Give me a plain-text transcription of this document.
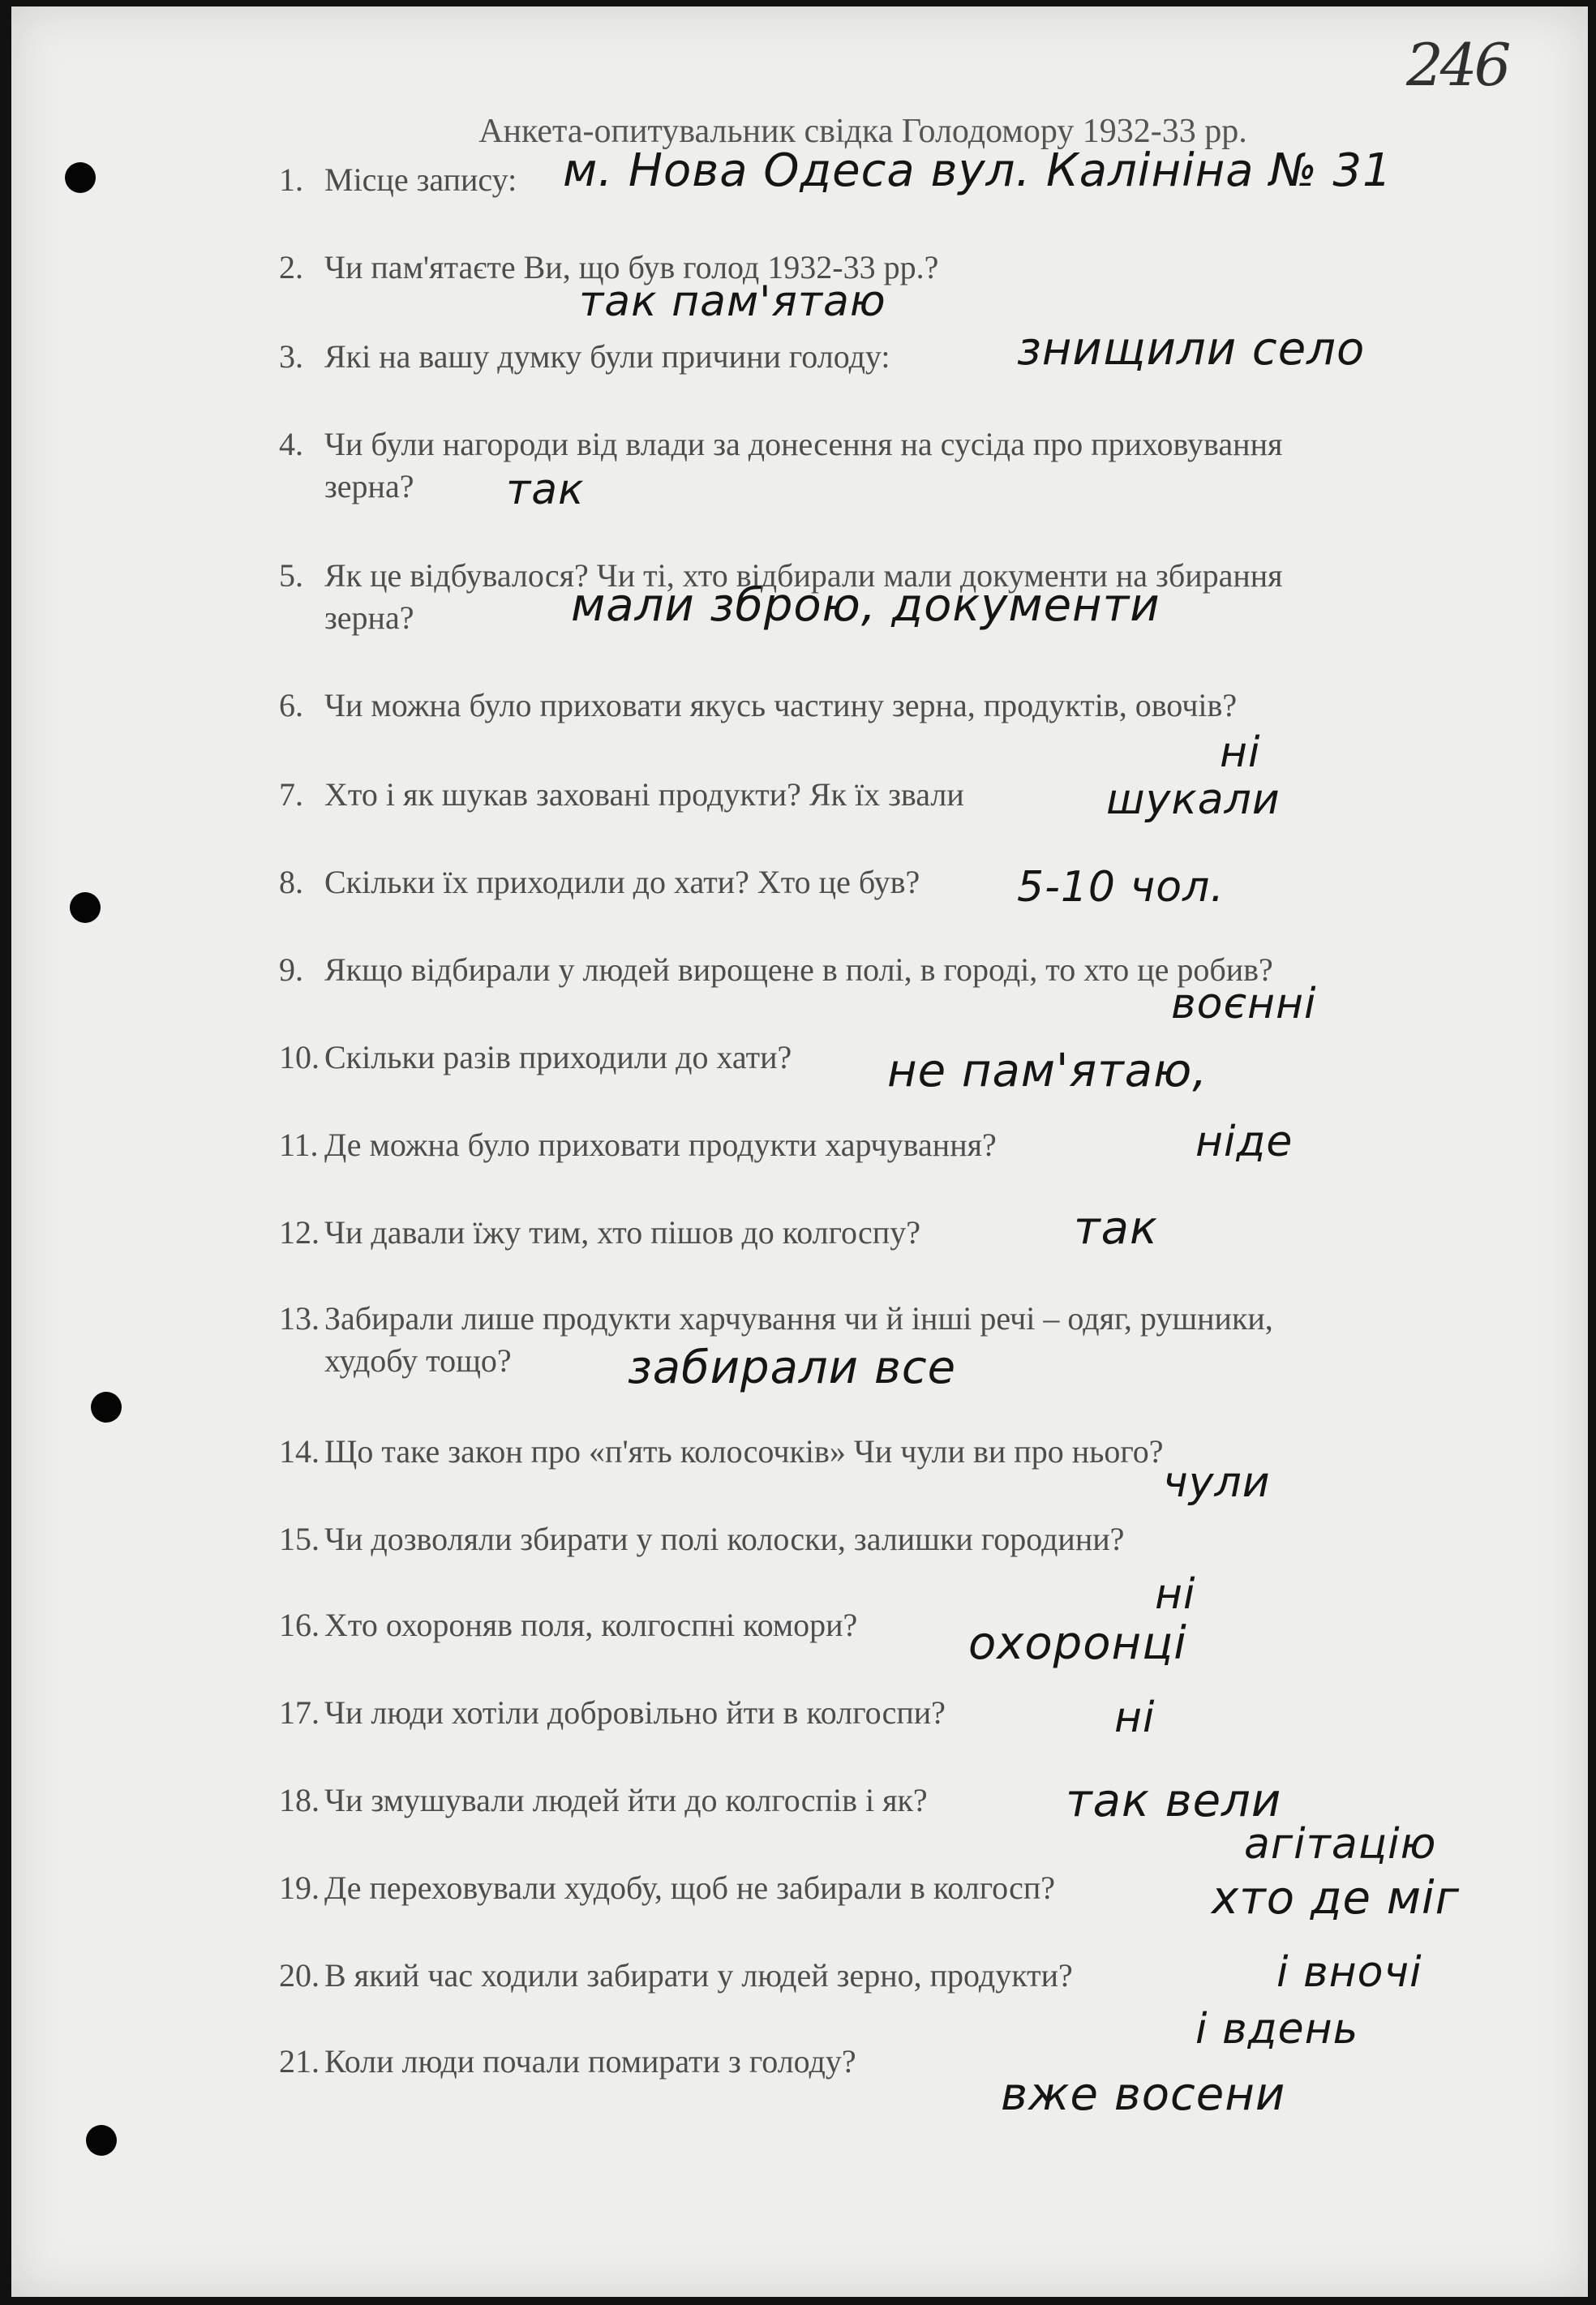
246
Анкета-опитувальник свідка Голодомору 1932-33 рр.
1. Місце запису:
2. Чи пам'ятаєте Ви, що був голод 1932-33 рр.?
3. Які на вашу думку були причини голоду:
4. Чи були нагороди від влади за донесення на сусіда про приховування
зерна?
5. Як це відбувалося? Чи ті, хто відбирали мали документи на збирання
зерна?
6. Чи можна було приховати якусь частину зерна, продуктів, овочів?
7. Хто і як шукав заховані продукти? Як їх звали
8. Скільки їх приходили до хати? Хто це був?
9. Якщо відбирали у людей вирощене в полі, в городі, то хто це робив?
10. Скільки разів приходили до хати?
11. Де можна було приховати продукти харчування?
12. Чи давали їжу тим, хто пішов до колгоспу?
13. Забирали лише продукти харчування чи й інші речі – одяг, рушники,
худобу тощо?
14. Що таке закон про «п'ять колосочків» Чи чули ви про нього?
15. Чи дозволяли збирати у полі колоски, залишки городини?
16. Хто охороняв поля, колгоспні комори?
17. Чи люди хотіли добровільно йти в колгоспи?
18. Чи змушували людей йти до колгоспів і як?
19. Де переховували худобу, щоб не забирали в колгосп?
20. В який час ходили забирати у людей зерно, продукти?
21. Коли люди почали помирати з голоду?
м. Нова Одеса вул. Калініна № 31
так пам'ятаю
знищили село
так
мали зброю, документи
ні
шукали
5-10 чол.
воєнні
не пам'ятаю,
ніде
так
забирали все
чули
ні
охоронці
ні
так вели
агітацію
хто де міг
і вночі
і вдень
вже восени
